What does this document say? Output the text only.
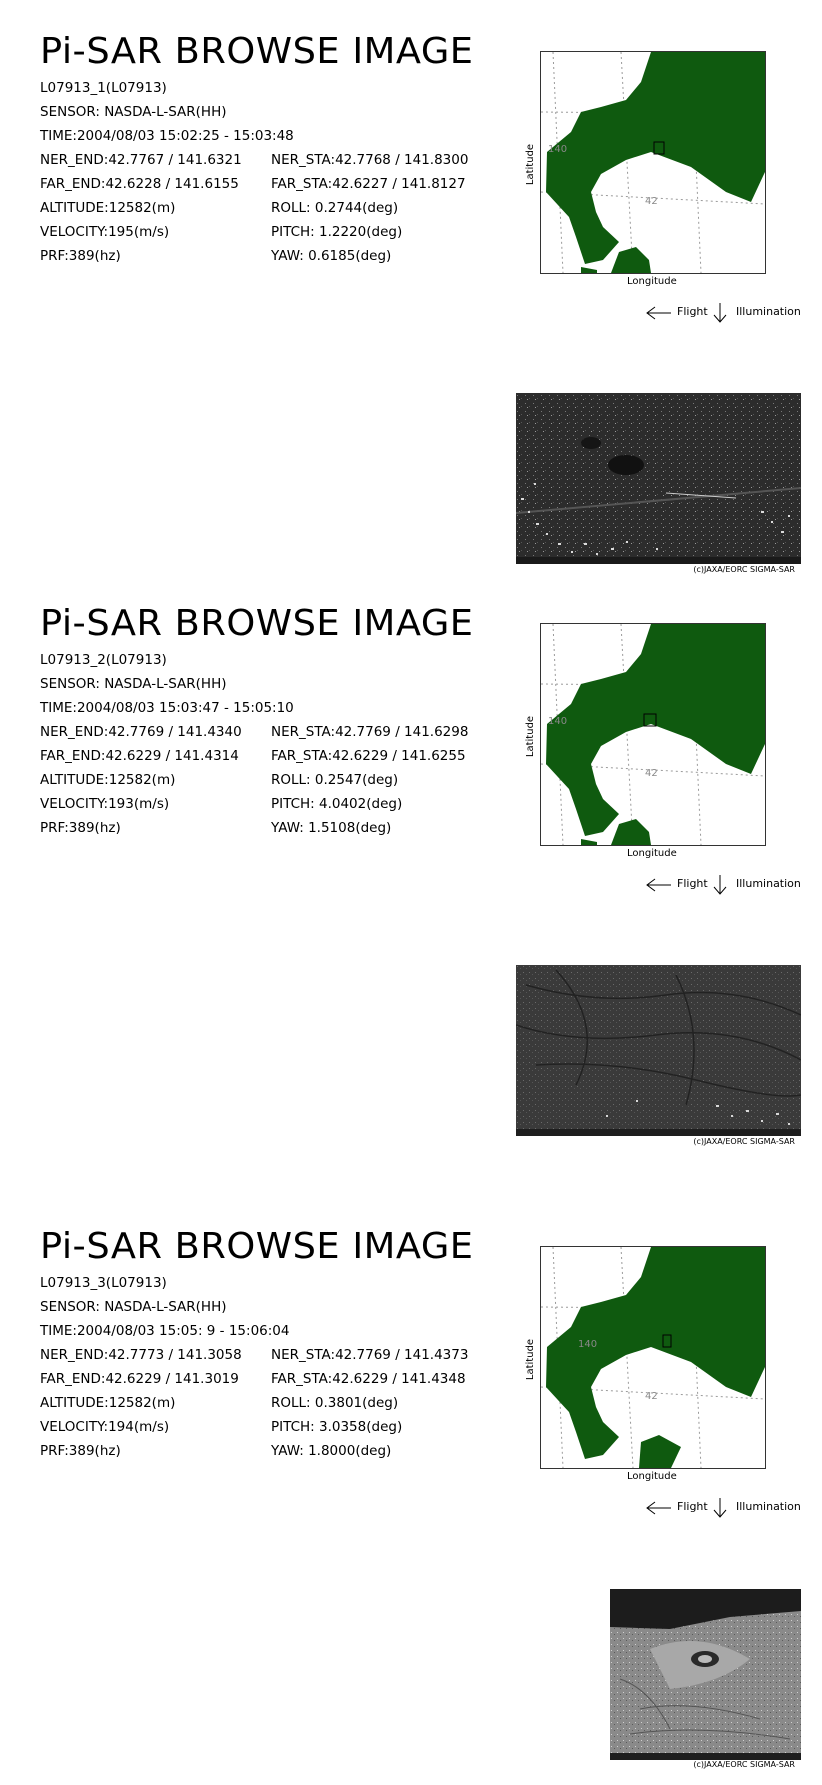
Pi-SAR BROWSE IMAGE
L07913_1(L07913)
SENSOR: NASDA-L-SAR(HH)
TIME:2004/08/03 15:02:25 - 15:03:48
NER_END:42.7767 / 141.6321 NER_STA:42.7768 / 141.8300
FAR_END:42.6228 / 141.6155 FAR_STA:42.6227 / 141.8127
ALTITUDE:12582(m)	ROLL: 0.2744(deg)
VELOCITY:195(m/s)	PITCH: 1.2220(deg)
PRF:389(hz)	YAW: 0.6185(deg)
140
42
Latitude
Longitude
Flight	Illumination
(c)JAXA/EORC SIGMA-SAR
Pi-SAR BROWSE IMAGE
L07913_2(L07913)
SENSOR: NASDA-L-SAR(HH)
TIME:2004/08/03 15:03:47 - 15:05:10
NER_END:42.7769 / 141.4340 NER_STA:42.7769 / 141.6298
FAR_END:42.6229 / 141.4314 FAR_STA:42.6229 / 141.6255
ALTITUDE:12582(m)	ROLL: 0.2547(deg)
VELOCITY:193(m/s)	PITCH: 4.0402(deg)
PRF:389(hz)	YAW: 1.5108(deg)
140
42
Latitude
Longitude
Flight	Illumination
(c)JAXA/EORC SIGMA-SAR
Pi-SAR BROWSE IMAGE
L07913_3(L07913)
SENSOR: NASDA-L-SAR(HH)
TIME:2004/08/03 15:05: 9 - 15:06:04
NER_END:42.7773 / 141.3058 NER_STA:42.7769 / 141.4373
FAR_END:42.6229 / 141.3019 FAR_STA:42.6229 / 141.4348
ALTITUDE:12582(m)	ROLL: 0.3801(deg)
VELOCITY:194(m/s)	PITCH: 3.0358(deg)
PRF:389(hz)	YAW: 1.8000(deg)
140
42
Latitude
Longitude
Flight	Illumination
(c)JAXA/EORC SIGMA-SAR
